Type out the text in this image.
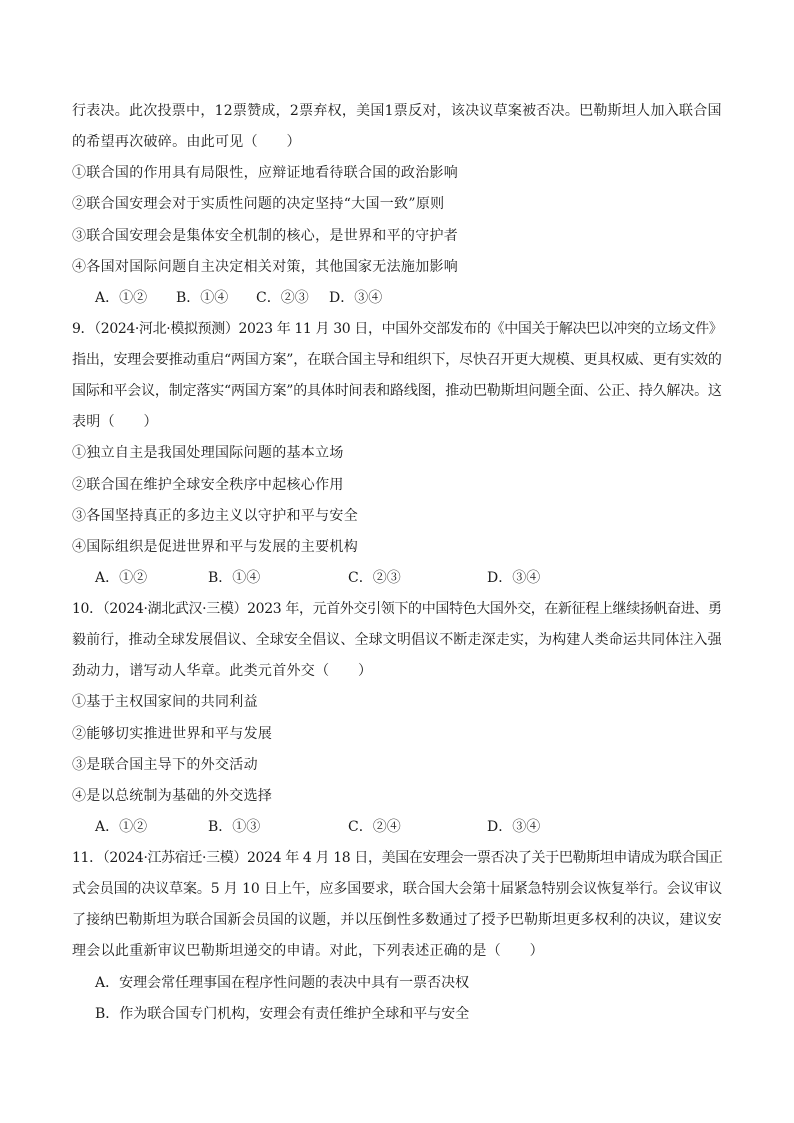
行表决。此次投票中，12票赞成，2票弃权，美国1票反对，该决议草案被否决。巴勒斯坦人加入联合国
的希望再次破碎。由此可见（　　）
①联合国的作用具有局限性，应辩证地看待联合国的政治影响
②联合国安理会对于实质性问题的决定坚持“大国一致”原则
③联合国安理会是集体安全机制的核心，是世界和平的守护者
④各国对国际问题自主决定相关对策，其他国家无法施加影响
A．①② B．①④ C．②③ D．③④
9．（2024·河北·模拟预测）2023 年 11 月 30 日，中国外交部发布的《中国关于解决巴以冲突的立场文件》
指出，安理会要推动重启“两国方案”，在联合国主导和组织下，尽快召开更大规模、更具权威、更有实效的
国际和平会议，制定落实“两国方案”的具体时间表和路线图，推动巴勒斯坦问题全面、公正、持久解决。这
表明（　　）
①独立自主是我国处理国际问题的基本立场
②联合国在维护全球安全秩序中起核心作用
③各国坚持真正的多边主义以守护和平与安全
④国际组织是促进世界和平与发展的主要机构
A．①②	B．①④	C．②③	D．③④
10．（2024·湖北武汉·三模）2023 年，元首外交引领下的中国特色大国外交，在新征程上继续扬帆奋进、勇
毅前行，推动全球发展倡议、全球安全倡议、全球文明倡议不断走深走实，为构建人类命运共同体注入强
劲动力，谱写动人华章。此类元首外交（　　）
①基于主权国家间的共同利益
②能够切实推进世界和平与发展
③是联合国主导下的外交活动
④是以总统制为基础的外交选择
A．①②	B．①③	C．②④	D．③④
11．（2024·江苏宿迁·三模）2024 年 4 月 18 日，美国在安理会一票否决了关于巴勒斯坦申请成为联合国正
式会员国的决议草案。5 月 10 日上午，应多国要求，联合国大会第十届紧急特别会议恢复举行。会议审议
了接纳巴勒斯坦为联合国新会员国的议题，并以压倒性多数通过了授予巴勒斯坦更多权利的决议，建议安
理会以此重新审议巴勒斯坦递交的申请。对此，下列表述正确的是（　　）
A．安理会常任理事国在程序性问题的表决中具有一票否决权
B．作为联合国专门机构，安理会有责任维护全球和平与安全
